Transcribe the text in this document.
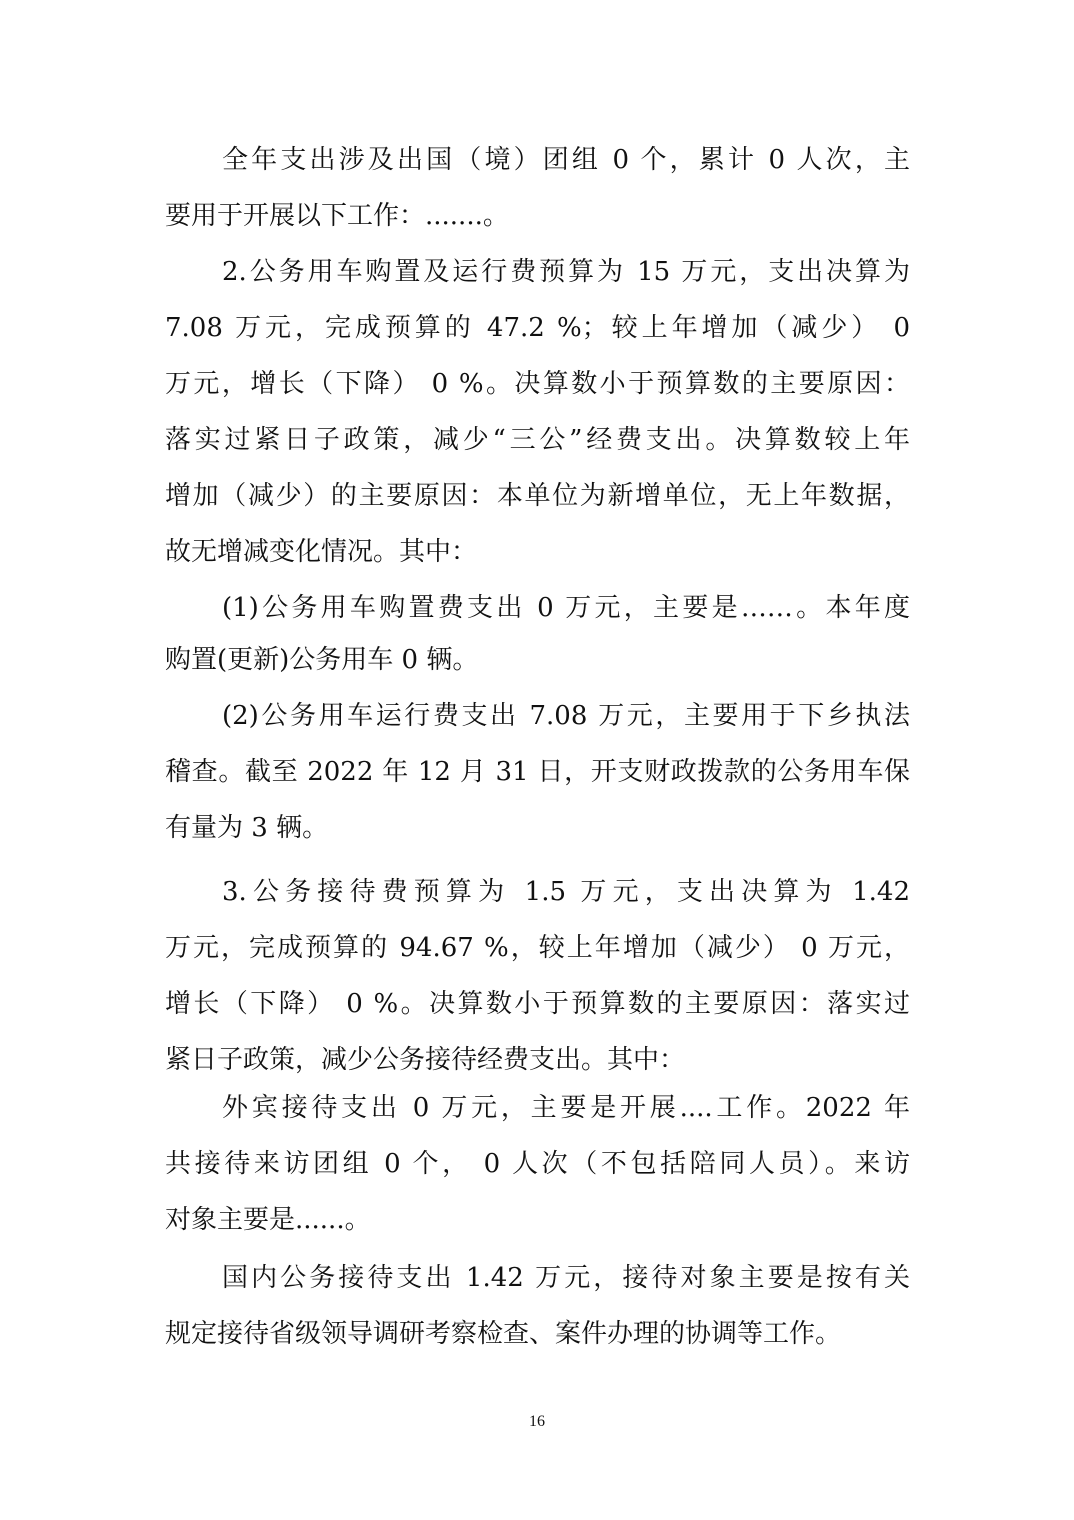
全年支出涉及出国（境）团组 0 个，累计 0 人次，主
要用于开展以下工作：.......。
2.公务用车购置及运行费预算为 15 万元，支出决算为
7.08 万元，完成预算的 47.2 %；较上年增加（减少） 0
万元，增长（下降） 0 %。决算数小于预算数的主要原因：
落实过紧日子政策，减少“三公”经费支出。决算数较上年
增加（减少）的主要原因：本单位为新增单位，无上年数据，
故无增减变化情况。其中：
(1)公务用车购置费支出 0 万元，主要是……。本年度
购置(更新)公务用车 0 辆。
(2)公务用车运行费支出 7.08 万元，主要用于下乡执法
稽查。截至 2022 年 12 月 31 日，开支财政拨款的公务用车保
有量为 3 辆。
3.公务接待费预算为 1.5 万元，支出决算为 1.42
万元，完成预算的 94.67 %，较上年增加（减少） 0 万元，
增长（下降） 0 %。决算数小于预算数的主要原因：落实过
紧日子政策，减少公务接待经费支出。其中：
外宾接待支出 0 万元，主要是开展....工作。2022 年
共接待来访团组 0 个， 0 人次（不包括陪同人员）。来访
对象主要是......。
国内公务接待支出 1.42 万元，接待对象主要是按有关
规定接待省级领导调研考察检查、案件办理的协调等工作。
16
